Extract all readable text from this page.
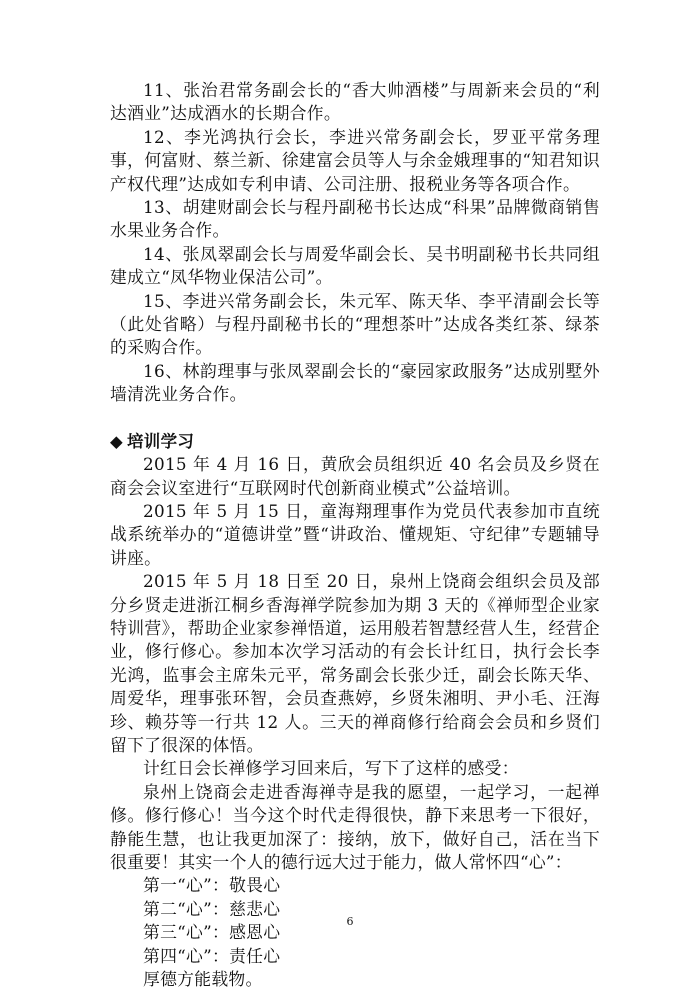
11、张治君常务副会长的“香大帅酒楼”与周新来会员的“利达酒业”达成酒水的长期合作。

12、李光鸿执行会长，李进兴常务副会长，罗亚平常务理事，何富财、蔡兰新、徐建富会员等人与余金娥理事的“知君知识产权代理”达成如专利申请、公司注册、报税业务等各项合作。

13、胡建财副会长与程丹副秘书长达成“科果”品牌微商销售水果业务合作。

14、张凤翠副会长与周爱华副会长、吴书明副秘书长共同组建成立“凤华物业保洁公司”。

15、李进兴常务副会长，朱元军、陈天华、李平清副会长等（此处省略）与程丹副秘书长的“理想茶叶”达成各类红茶、绿茶的采购合作。

16、林韵理事与张凤翠副会长的“豪园家政服务”达成别墅外墙清洗业务合作。

◆ 培训学习

2015 年 4 月 16 日，黄欣会员组织近 40 名会员及乡贤在商会会议室进行“互联网时代创新商业模式”公益培训。

2015 年 5 月 15 日，童海翔理事作为党员代表参加市直统战系统举办的“道德讲堂”暨“讲政治、懂规矩、守纪律”专题辅导讲座。

2015 年 5 月 18 日至 20 日，泉州上饶商会组织会员及部分乡贤走进浙江桐乡香海禅学院参加为期 3 天的《禅师型企业家特训营》，帮助企业家参禅悟道，运用般若智慧经营人生，经营企业，修行修心。参加本次学习活动的有会长计红日，执行会长李光鸿，监事会主席朱元平，常务副会长张少迁，副会长陈天华、周爱华，理事张环智，会员查燕婷，乡贤朱湘明、尹小毛、汪海珍、赖芬等一行共 12 人。三天的禅商修行给商会会员和乡贤们留下了很深的体悟。

计红日会长禅修学习回来后，写下了这样的感受：

泉州上饶商会走进香海禅寺是我的愿望，一起学习，一起禅修。修行修心！当今这个时代走得很快，静下来思考一下很好，静能生慧，也让我更加深了：接纳，放下，做好自己，活在当下很重要！其实一个人的德行远大过于能力，做人常怀四“心”：

第一“心”：敬畏心

第二“心”：慈悲心

第三“心”：感恩心

第四“心”：责任心

厚德方能载物。

6
